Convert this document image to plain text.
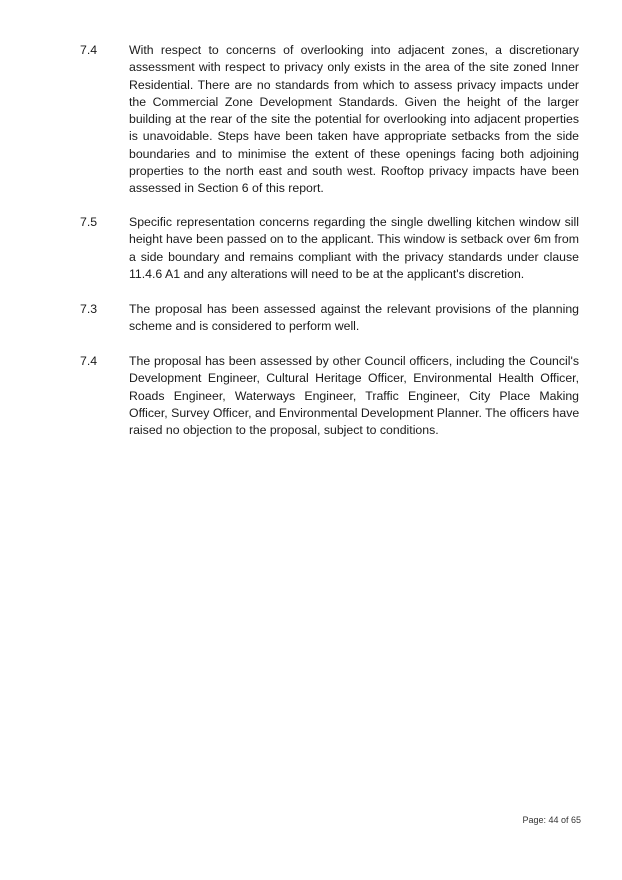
7.4	With respect to concerns of overlooking into adjacent zones, a discretionary
assessment with respect to privacy only exists in the area of the site zoned Inner
Residential. There are no standards from which to assess privacy impacts under
the Commercial Zone Development Standards. Given the height of the larger
building at the rear of the site the potential for overlooking into adjacent properties
is unavoidable. Steps have been taken have appropriate setbacks from the side
boundaries and to minimise the extent of these openings facing both adjoining
properties to the north east and south west. Rooftop privacy impacts have been
assessed in Section 6 of this report.
7.5	Specific representation concerns regarding the single dwelling kitchen window sill
height have been passed on to the applicant. This window is setback over 6m from
a side boundary and remains compliant with the privacy standards under clause
11.4.6 A1 and any alterations will need to be at the applicant's discretion.
7.3	The proposal has been assessed against the relevant provisions of the planning
scheme and is considered to perform well.
7.4	The proposal has been assessed by other Council officers, including the Council's
Development Engineer, Cultural Heritage Officer, Environmental Health Officer,
Roads Engineer, Waterways Engineer, Traffic Engineer, City Place Making
Officer, Survey Officer, and Environmental Development Planner. The officers have
raised no objection to the proposal, subject to conditions.
Page: 44 of 65
